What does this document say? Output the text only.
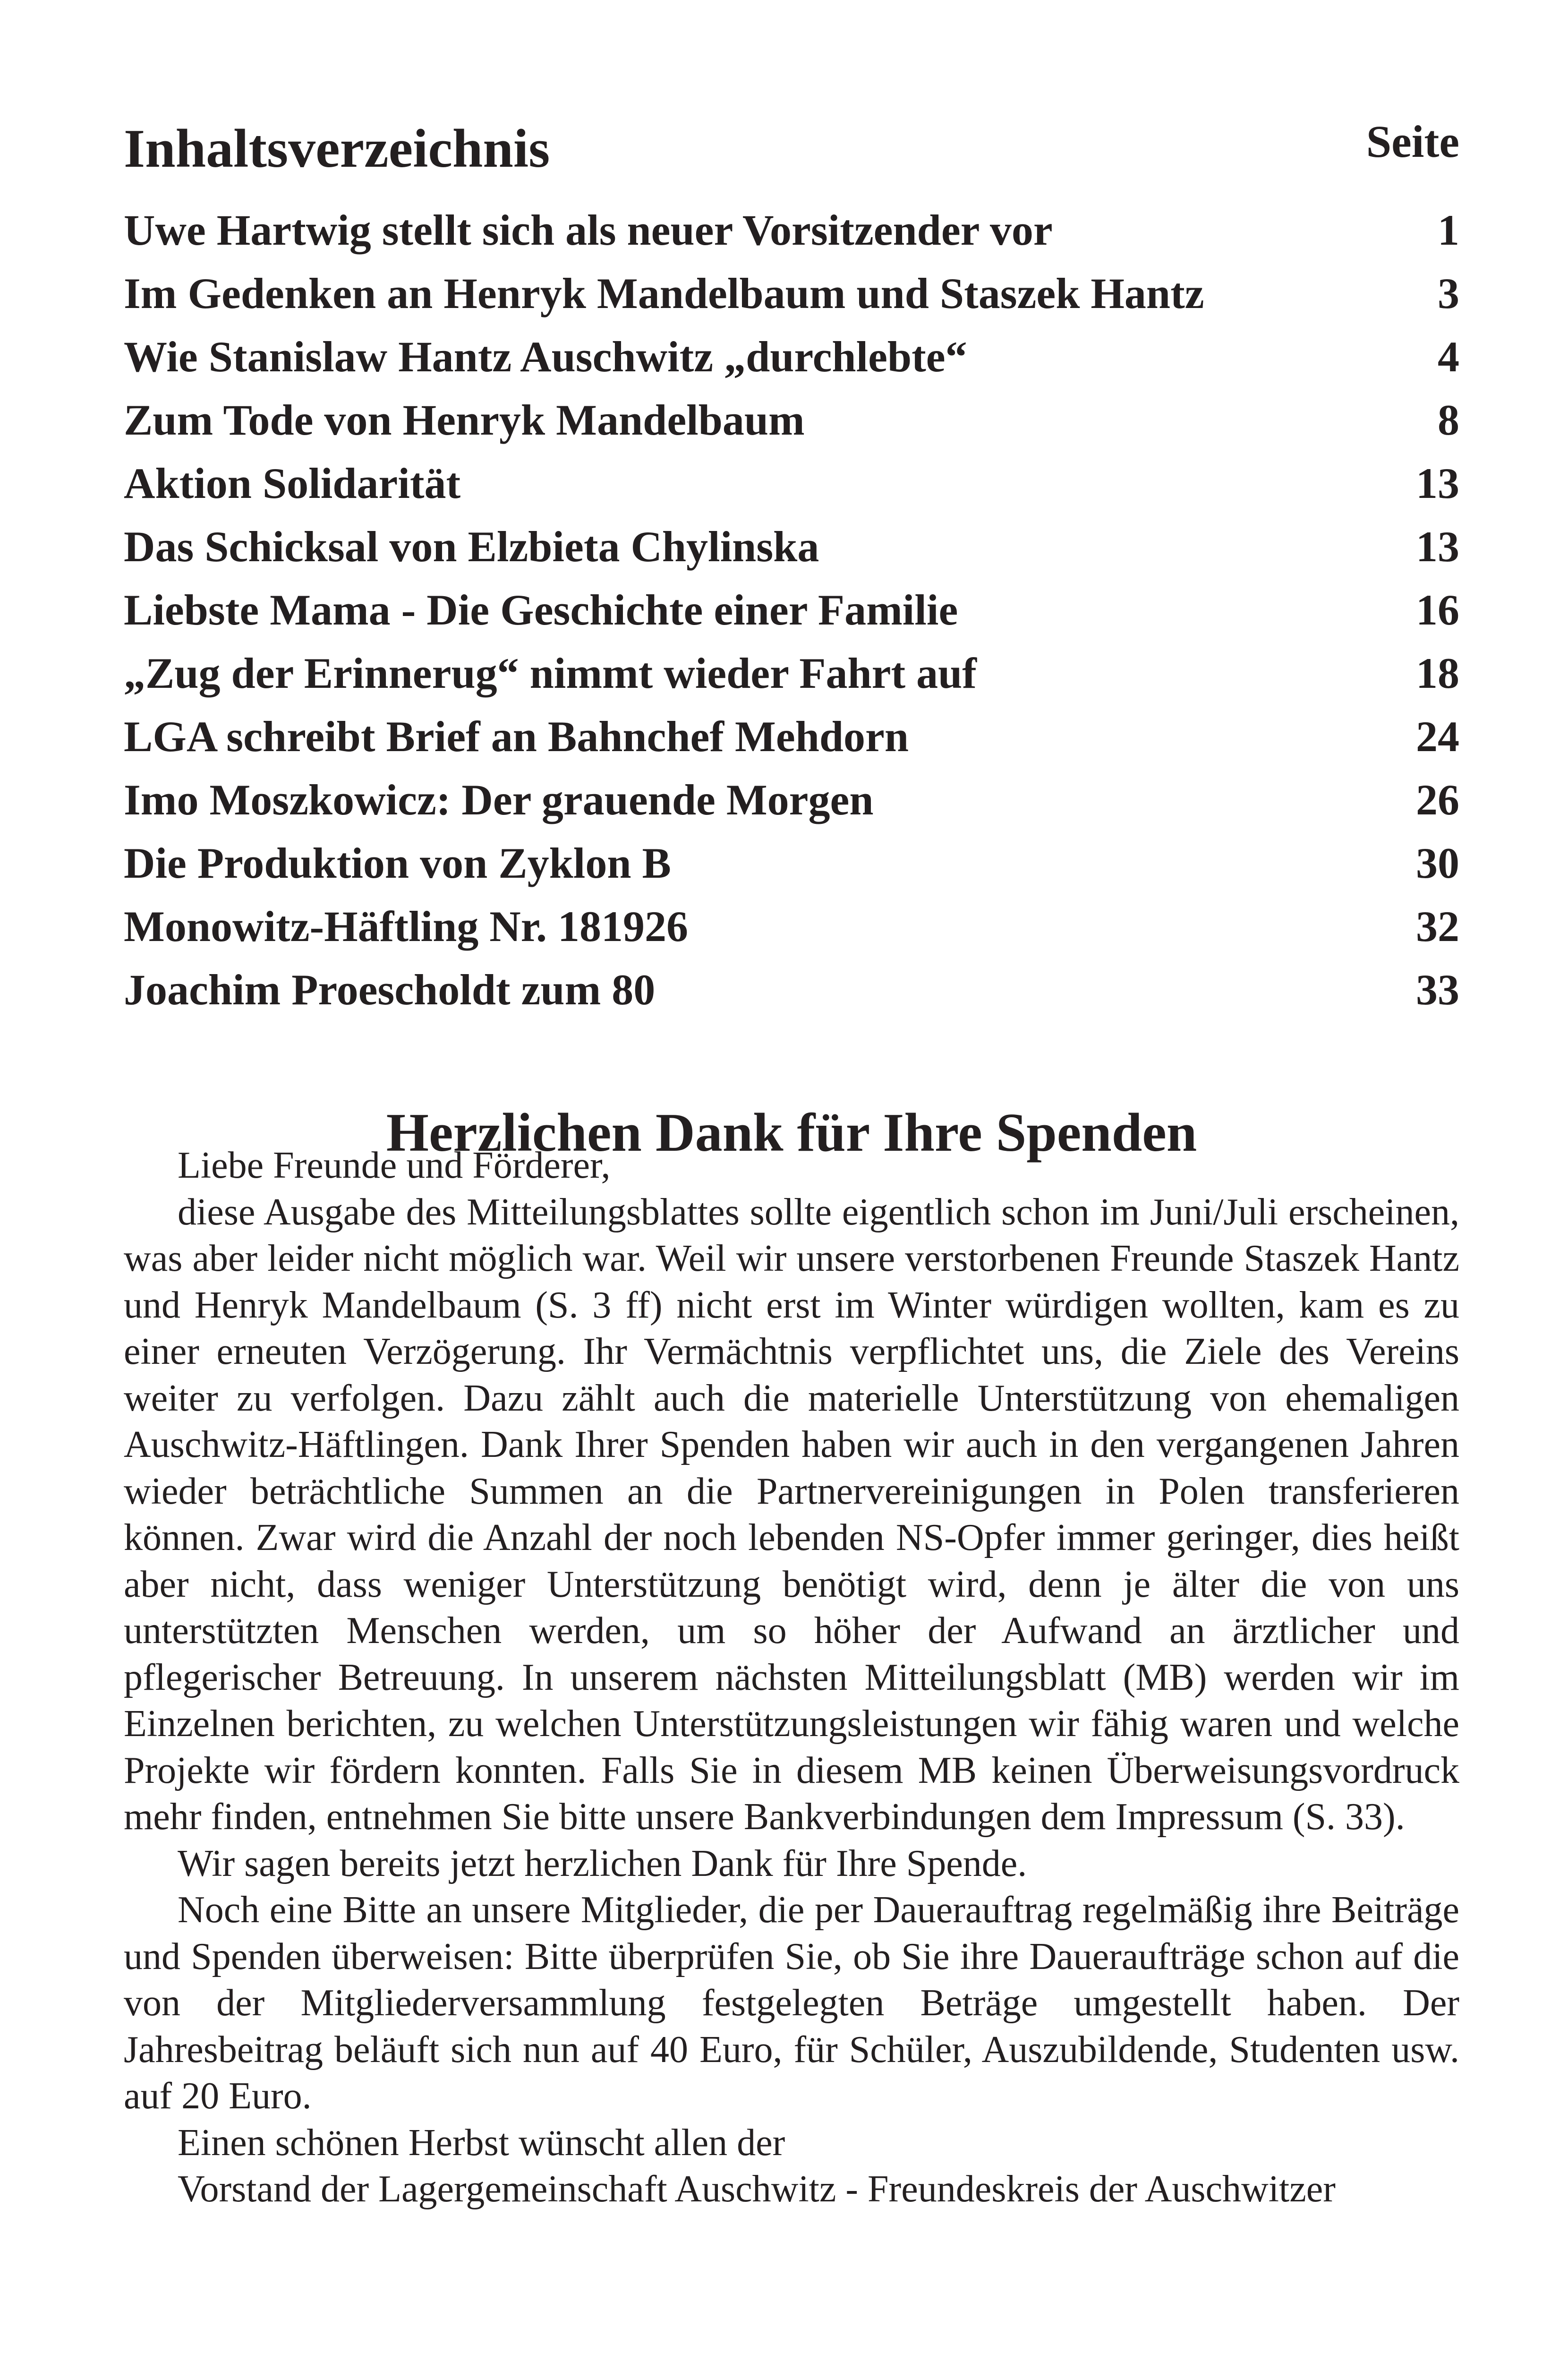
Inhaltsverzeichnis	Seite
Uwe Hartwig stellt sich als neuer Vorsitzender vor	1
Im Gedenken an Henryk Mandelbaum und Staszek Hantz	3
Wie Stanislaw Hantz Auschwitz „durchlebte“	4
Zum Tode von Henryk Mandelbaum	8
Aktion Solidarität	13
Das Schicksal von Elzbieta Chylinska	13
Liebste Mama - Die Geschichte einer Familie	16
„Zug der Erinnerug“ nimmt wieder Fahrt auf	18
LGA schreibt Brief an Bahnchef Mehdorn	24
Imo Moszkowicz: Der grauende Morgen	26
Die Produktion von Zyklon B	30
Monowitz-Häftling Nr. 181926	32
Joachim Proescholdt zum 80	33
Herzlichen Dank für Ihre Spenden

Liebe Freunde und Förderer,

diese Ausgabe des Mitteilungsblattes sollte eigentlich schon im Juni/Juli erscheinen, was aber leider nicht möglich war. Weil wir unsere verstorbenen Freunde Staszek Hantz und Henryk Mandelbaum (S. 3 ff) nicht erst im Winter würdigen wollten, kam es zu einer erneuten Verzögerung. Ihr Vermächtnis verpflichtet uns, die Ziele des Vereins weiter zu verfolgen. Dazu zählt auch die materielle Unterstützung von ehemaligen Auschwitz-Häftlingen. Dank Ihrer Spenden haben wir auch in den vergangenen Jahren wieder beträchtliche Summen an die Partnervereinigungen in Polen transferieren können. Zwar wird die Anzahl der noch lebenden NS-Opfer immer geringer, dies heißt aber nicht, dass weniger Unterstützung benötigt wird, denn je älter die von uns unterstützten Menschen werden, um so höher der Aufwand an ärztlicher und pflegerischer Betreuung. In unserem nächsten Mitteilungsblatt (MB) werden wir im Einzelnen berichten, zu welchen Unterstützungsleistungen wir fähig waren und welche Projekte wir fördern konnten. Falls Sie in diesem MB keinen Überweisungsvordruck mehr finden, entnehmen Sie bitte unsere Bankverbindungen dem Impressum (S. 33).

Wir sagen bereits jetzt herzlichen Dank für Ihre Spende.

Noch eine Bitte an unsere Mitglieder, die per Dauerauftrag regelmäßig ihre Beiträge und Spenden überweisen: Bitte überprüfen Sie, ob Sie ihre Daueraufträge schon auf die von der Mitgliederversammlung festgelegten Beträge umgestellt haben. Der Jahresbeitrag beläuft sich nun auf 40 Euro, für Schüler, Auszubildende, Studenten usw. auf 20 Euro.

Einen schönen Herbst wünscht allen der

Vorstand der Lagergemeinschaft Auschwitz - Freundeskreis der Auschwitzer
